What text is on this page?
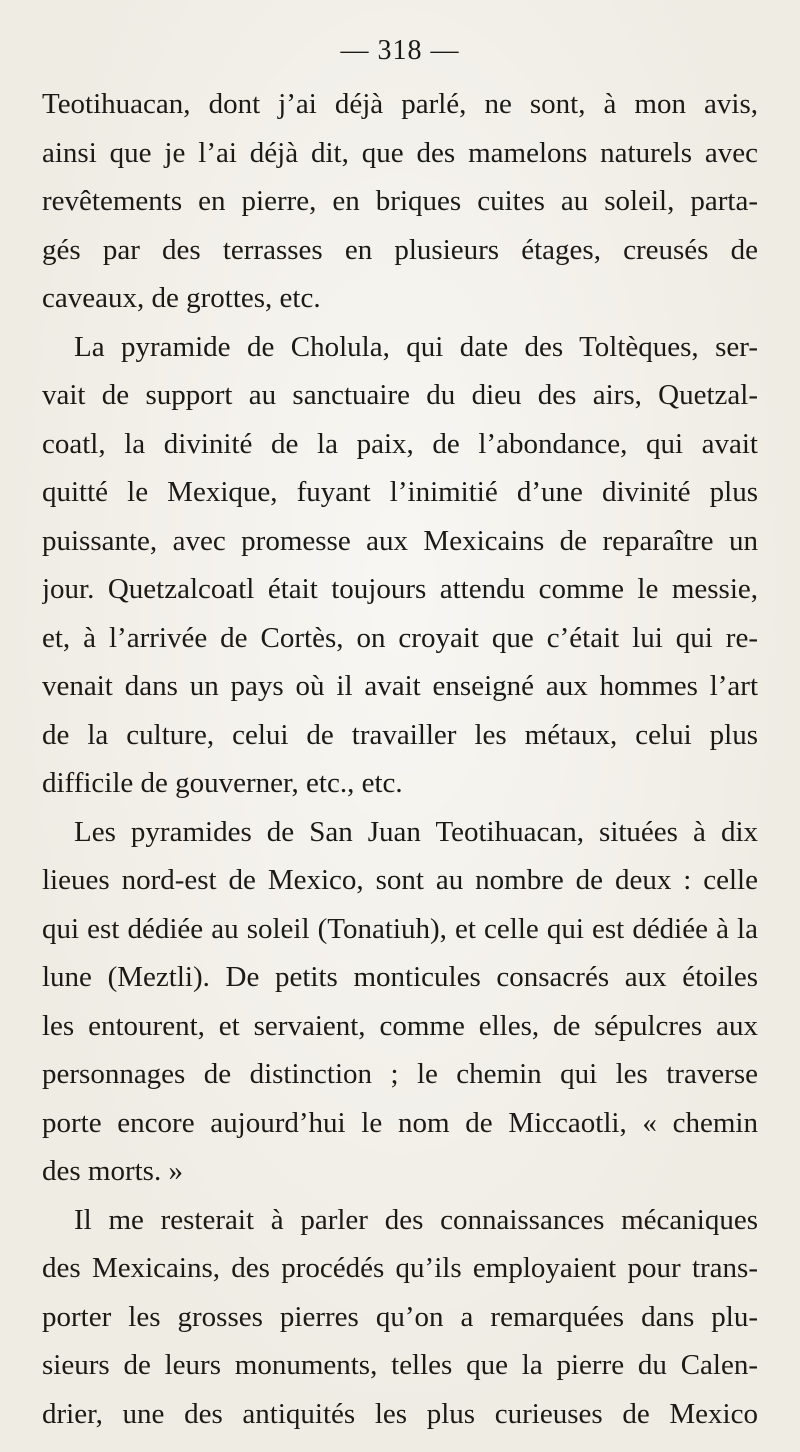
— 318 —
Teotihuacan, dont j’ai déjà parlé, ne sont, à mon avis,
ainsi que je l’ai déjà dit, que des mamelons naturels avec
revêtements en pierre, en briques cuites au soleil, parta-
gés par des terrasses en plusieurs étages, creusés de
caveaux, de grottes, etc.
La pyramide de Cholula, qui date des Toltèques, ser-
vait de support au sanctuaire du dieu des airs, Quetzal-
coatl, la divinité de la paix, de l’abondance, qui avait
quitté le Mexique, fuyant l’inimitié d’une divinité plus
puissante, avec promesse aux Mexicains de reparaître un
jour. Quetzalcoatl était toujours attendu comme le messie,
et, à l’arrivée de Cortès, on croyait que c’était lui qui re-
venait dans un pays où il avait enseigné aux hommes l’art
de la culture, celui de travailler les métaux, celui plus
difficile de gouverner, etc., etc.
Les pyramides de San Juan Teotihuacan, situées à dix
lieues nord-est de Mexico, sont au nombre de deux : celle
qui est dédiée au soleil (Tonatiuh), et celle qui est dédiée à la
lune (Meztli). De petits monticules consacrés aux étoiles
les entourent, et servaient, comme elles, de sépulcres aux
personnages de distinction ; le chemin qui les traverse
porte encore aujourd’hui le nom de Miccaotli, « chemin
des morts. »
Il me resterait à parler des connaissances mécaniques
des Mexicains, des procédés qu’ils employaient pour trans-
porter les grosses pierres qu’on a remarquées dans plu-
sieurs de leurs monuments, telles que la pierre du Calen-
drier, une des antiquités les plus curieuses de Mexico
